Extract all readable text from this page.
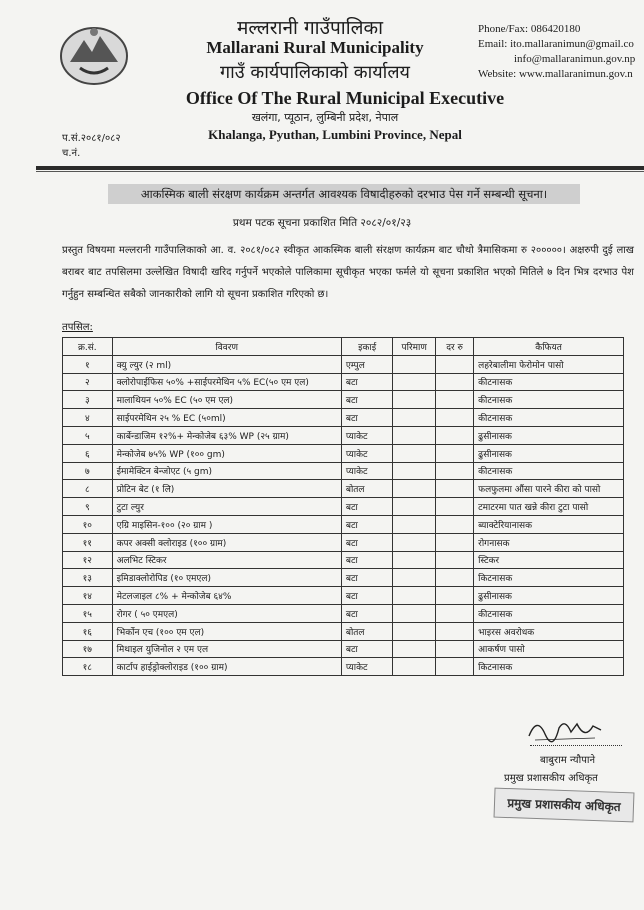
मल्लरानी गाउँपालिका
Mallarani Rural Municipality
गाउँ कार्यपालिकाको कार्यालय
Office Of The Rural Municipal Executive
खलंगा, प्यूठान, लुम्बिनी प्रदेश, नेपाल
Khalanga, Pyuthan, Lumbini Province, Nepal
Phone/Fax: 086420180
Email: ito.mallaranimun@gmail.co
info@mallaranimun.gov.np
Website: www.mallaranimun.gov.n
प.सं.२०८१/०८२
च.नं.
आकस्मिक बाली संरक्षण कार्यक्रम अन्तर्गत आवश्यक विषादीहरुको दरभाउ पेस गर्ने सम्बन्धी सूचना।
प्रथम पटक सूचना प्रकाशित मिति २०८२/०१/२३
प्रस्तुत विषयमा मल्लरानी गाउँपालिकाको आ. व. २०८१/०८२ स्वीकृत आकस्मिक बाली संरक्षण कार्यक्रम बाट चौथो त्रैमासिकमा रु २०००००। अक्षरुपी दुई लाख बराबर बाट तपसिलमा उल्लेखित विषादी खरिद गर्नुपर्ने भएकोले पालिकामा सूचीकृत भएका फर्मले यो सूचना प्रकाशित भएको मितिले ७ दिन भित्र दरभाउ पेश गर्नुहुन सम्बन्धित सबैको जानकारीको लागि यो सूचना प्रकाशित गरिएको छ।
तपसिल:
क्र.सं.	विवरण	इकाई	परिमाण	दर रु	कैफियत
१	क्यु ल्युर (२ ml)	एम्पुल			लहरेबालीमा फेरोमोन पासो
२	क्लोरोपाईफिस ५०% +साईपरमेथिन ५% EC(५० एम एल)	बटा			कीटनासक
३	मालाथियन ५०% EC (५० एम एल)	बटा			कीटनासक
४	साईपरमेथिन २५ % EC (५०ml)	बटा			कीटनासक
५	कार्बेन्डाजिम १२%+ मेन्कोजेब ६३% WP (२५ ग्राम)	प्याकेट			ढुसीनासक
६	मेन्कोजेब ७५% WP (१०० gm)	प्याकेट			ढुसीनासक
७	ईमामेक्टिन बेन्जोएट (५ gm)	प्याकेट			कीटनासक
८	प्रोटिन बेट (१ लि)	बोतल			फलफुलमा औंसा पारने कीरा को पासो
९	टुटा ल्युर	बटा			टमाटरमा पात खन्ने कीरा टुटा पासो
१०	एग्रि माइसिन-१०० (२० ग्राम )	बटा			ब्याक्टेरियानासक
११	कपर अक्सी क्लोराइड (१०० ग्राम)	बटा			रोगनासक
१२	अलभिट स्टिकर	बटा			स्टिकर
१३	इमिडाक्लोरोपिड (१० एमएल)	बटा			किटनासक
१४	मेटलजाइल ८% + मेन्कोजेब ६४%	बटा			ढुसीनासक
१५	रोगर ( ५० एमएल)	बटा			कीटनासक
१६	भिर्कोन एच (१०० एम एल)	बोतल			भाइरस अवरोधक
१७	मिथाइल युजिनोल २ एम एल	बटा			आकर्षण पासो
१८	कार्टाप हाईड्रोक्लोराइड (१०० ग्राम)	प्याकेट			किटनासक
बाबुराम न्यौपाने
प्रमुख प्रशासकीय अधिकृत
प्रमुख प्रशासकीय अधिकृत
